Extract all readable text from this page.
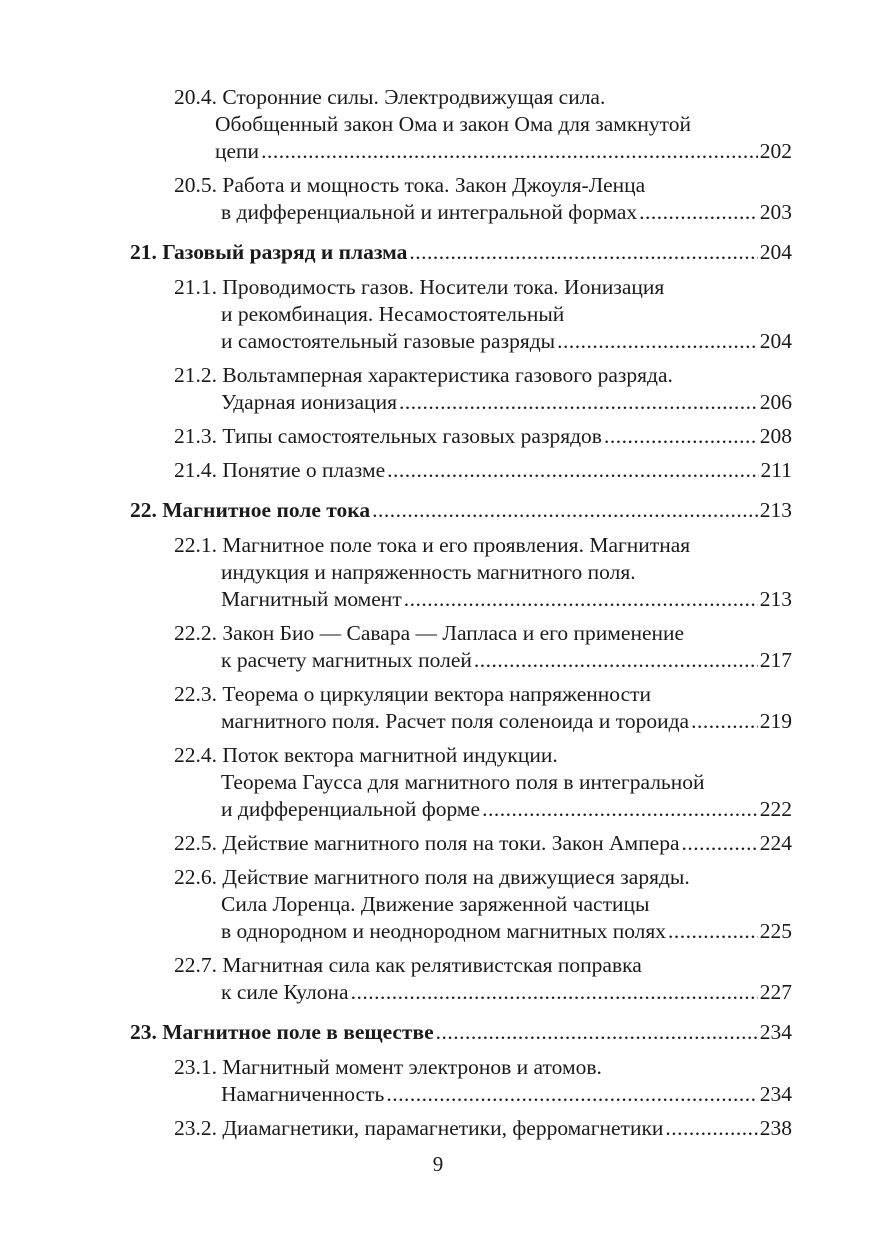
20.4. Сторонние силы. Электродвижущая сила.
Обобщенный закон Ома и закон Ома для замкнутой
цепи .....	202
20.5. Работа и мощность тока. Закон Джоуля-Ленца
в дифференциальной и интегральной формах .....	203
21. Газовый разряд и плазма .....	204
21.1. Проводимость газов. Носители тока. Ионизация
и рекомбинация. Несамостоятельный
и самостоятельный газовые разряды .....	204
21.2. Вольтамперная характеристика газового разряда.
Ударная ионизация .....	206
21.3. Типы самостоятельных газовых разрядов .....	208
21.4. Понятие о плазме .....	211
22. Магнитное поле тока .....	213
22.1. Магнитное поле тока и его проявления. Магнитная
индукция и напряженность магнитного поля.
Магнитный момент .....	213
22.2. Закон Био — Савара — Лапласа и его применение
к расчету магнитных полей .....	217
22.3. Теорема о циркуляции вектора напряженности
магнитного поля. Расчет поля соленоида и тороида .....	219
22.4. Поток вектора магнитной индукции.
Теорема Гаусса для магнитного поля в интегральной
и дифференциальной форме .....	222
22.5. Действие магнитного поля на токи. Закон Ампера .....	224
22.6. Действие магнитного поля на движущиеся заряды.
Сила Лоренца. Движение заряженной частицы
в однородном и неоднородном магнитных полях .....	225
22.7. Магнитная сила как релятивистская поправка
к силе Кулона .....	227
23. Магнитное поле в веществе .....	234
23.1. Магнитный момент электронов и атомов.
Намагниченность .....	234
23.2. Диамагнетики, парамагнетики, ферромагнетики .....	238
9
